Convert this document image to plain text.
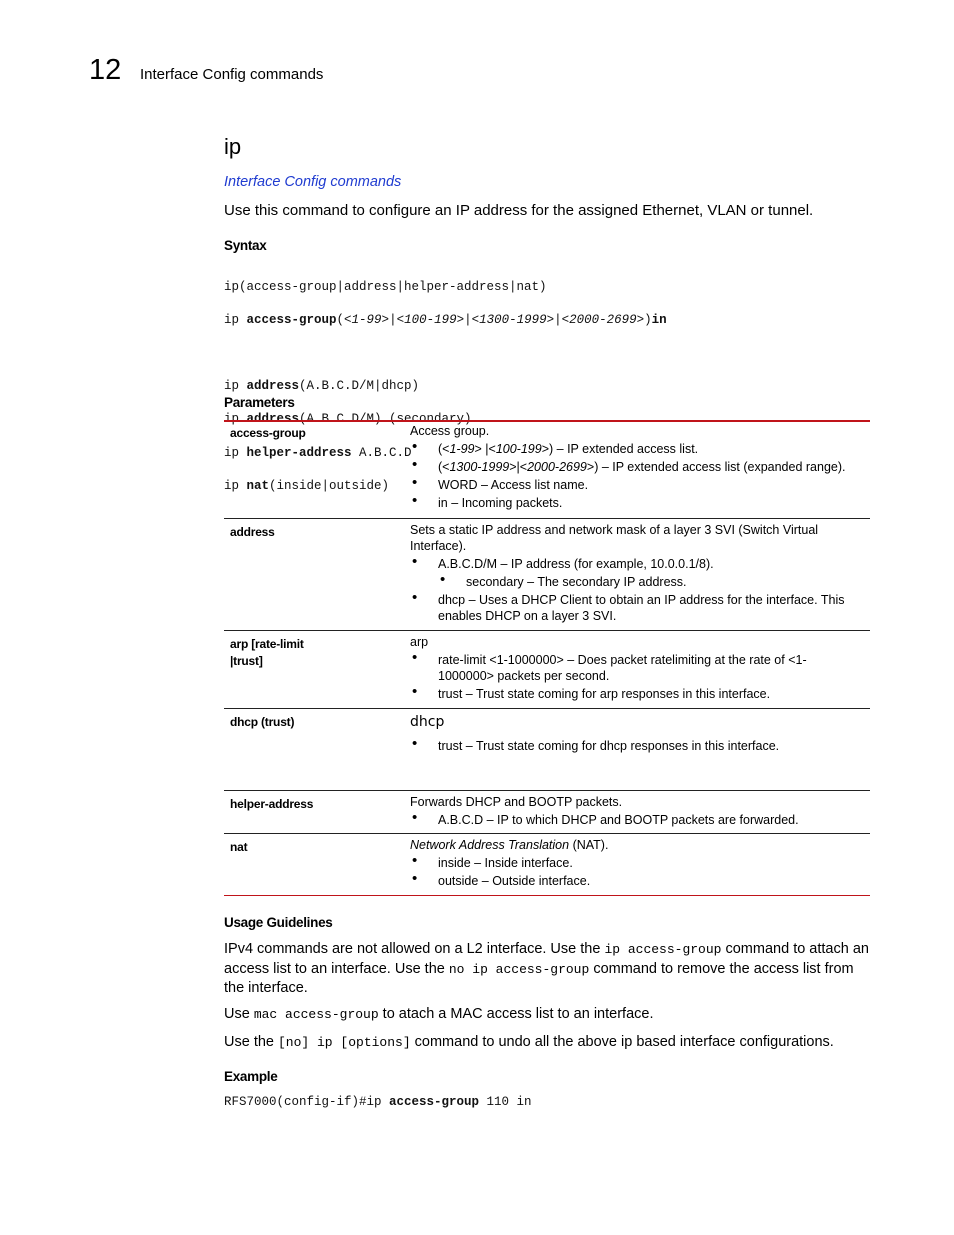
12 Interface Config commands
ip
Interface Config commands
Use this command to configure an IP address for the assigned Ethernet, VLAN or tunnel.
Syntax

ip(access-group|address|helper-address|nat)

ip access-group(<1-99>|<100-199>|<1300-1999>|<2000-2699>)in

ip address(A.B.C.D/M|dhcp)

ip helper-address A.B.C.D

ip nat(inside|outside)

Parameters
access-group	Access group.
• (<1-99> |<100-199>) – IP extended access list.
• (<1300-1999>|<2000-2699>) – IP extended access list (expanded range).
• WORD – Access list name.
• in – Incoming packets.

address	Sets a static IP address and network mask of a layer 3 SVI (Switch Virtual Interface).
• A.B.C.D/M – IP address (for example, 10.0.0.1/8).
• secondary – The secondary IP address.
• dhcp – Uses a DHCP Client to obtain an IP address for the interface. This enables DHCP on a layer 3 SVI.

arp [rate-limit |trust]	arp
• rate-limit <1-1000000> – Does packet ratelimiting at the rate of <1-1000000> packets per second.
• trust – Trust state coming for arp responses in this interface.

dhcp (trust)	dhcp
• trust – Trust state coming for dhcp responses in this interface.

helper-address	Forwards DHCP and BOOTP packets.
• A.B.C.D – IP to which DHCP and BOOTP packets are forwarded.

nat	Network Address Translation (NAT).
• inside – Inside interface.
• outside – Outside interface.
Usage Guidelines
IPv4 commands are not allowed on a L2 interface. Use the ip access-group command to attach an access list to an interface. Use the no ip access-group command to remove the access list from the interface.
Use mac access-group to atach a MAC access list to an interface.
Use the [no] ip [options] command to undo all the above ip based interface configurations.
Example
RFS7000(config-if)#ip access-group 110 in
